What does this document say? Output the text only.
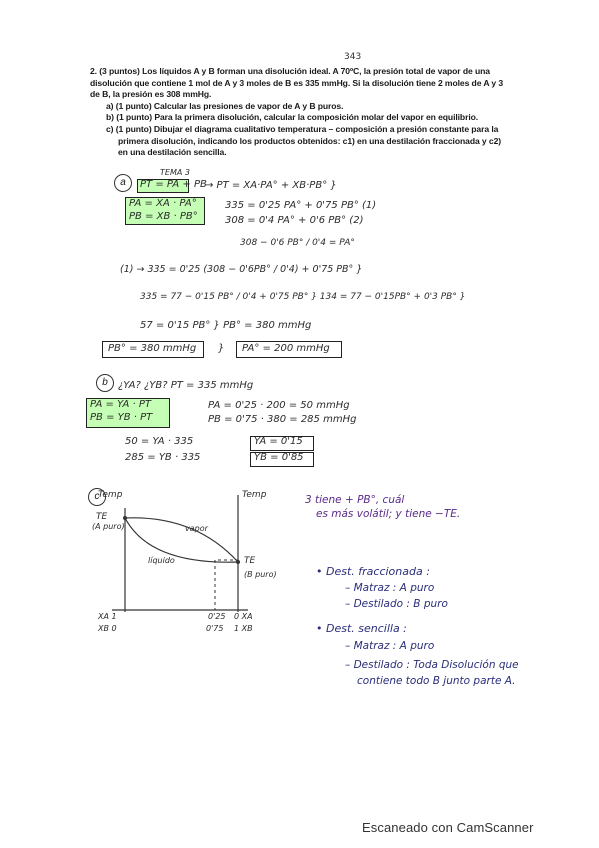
343

2. (3 puntos) Los líquidos A y B forman una disolución ideal. A 70ºC, la presión total de vapor de una disolución que contiene 1 mol de A y 3 moles de B es 335 mmHg. Si la disolución tiene 2 moles de A y 3 de B, la presión es 308 mmHg.

a) (1 punto) Calcular las presiones de vapor de A y B puros.

b) (1 punto) Para la primera disolución, calcular la composición molar del vapor en equilibrio.

c) (1 punto) Dibujar el diagrama cualitativo temperatura – composición a presión constante para la primera disolución, indicando los productos obtenidos: c1) en una destilación fraccionada y c2) en una destilación sencilla.

a
TEMA 3
PT = PA + PB
PA = XA · PA°
PB = XB · PB°
→ PT = XA·PA° + XB·PB° }
335 = 0'25 PA° + 0'75 PB° (1)
308 = 0'4 PA° + 0'6 PB° (2)
308 − 0'6 PB° / 0'4 = PA°
(1) → 335 = 0'25 (308 − 0'6PB° / 0'4) + 0'75 PB° }
335 = 77 − 0'15 PB° / 0'4 + 0'75 PB° } 134 = 77 − 0'15PB° + 0'3 PB° }
57 = 0'15 PB° } PB° = 380 mmHg
PB° = 380 mmHg } PA° = 200 mmHg
b	¿YA? ¿YB? PT = 335 mmHg
PA = YA · PT
PB = YB · PT
PA = 0'25 · 200 = 50 mmHg
PB = 0'75 · 380 = 285 mmHg
50 = YA · 335
285 = YB · 335
YA = 0'15
YB = 0'85
c
Temp	Temp
TE
(A puro)
TE
(B puro)
vapor
líquido
XA 1
XB 0
0'25
0'75
0 XA
1 XB
3 tiene + PB°, cuál
es más volátil; y tiene −TE.
• Dest. fraccionada :
– Matraz : A puro
– Destilado : B puro
• Dest. sencilla :
– Matraz : A puro
– Destilado : Toda Disolución que
contiene todo B junto parte A.
Escaneado con CamScanner
